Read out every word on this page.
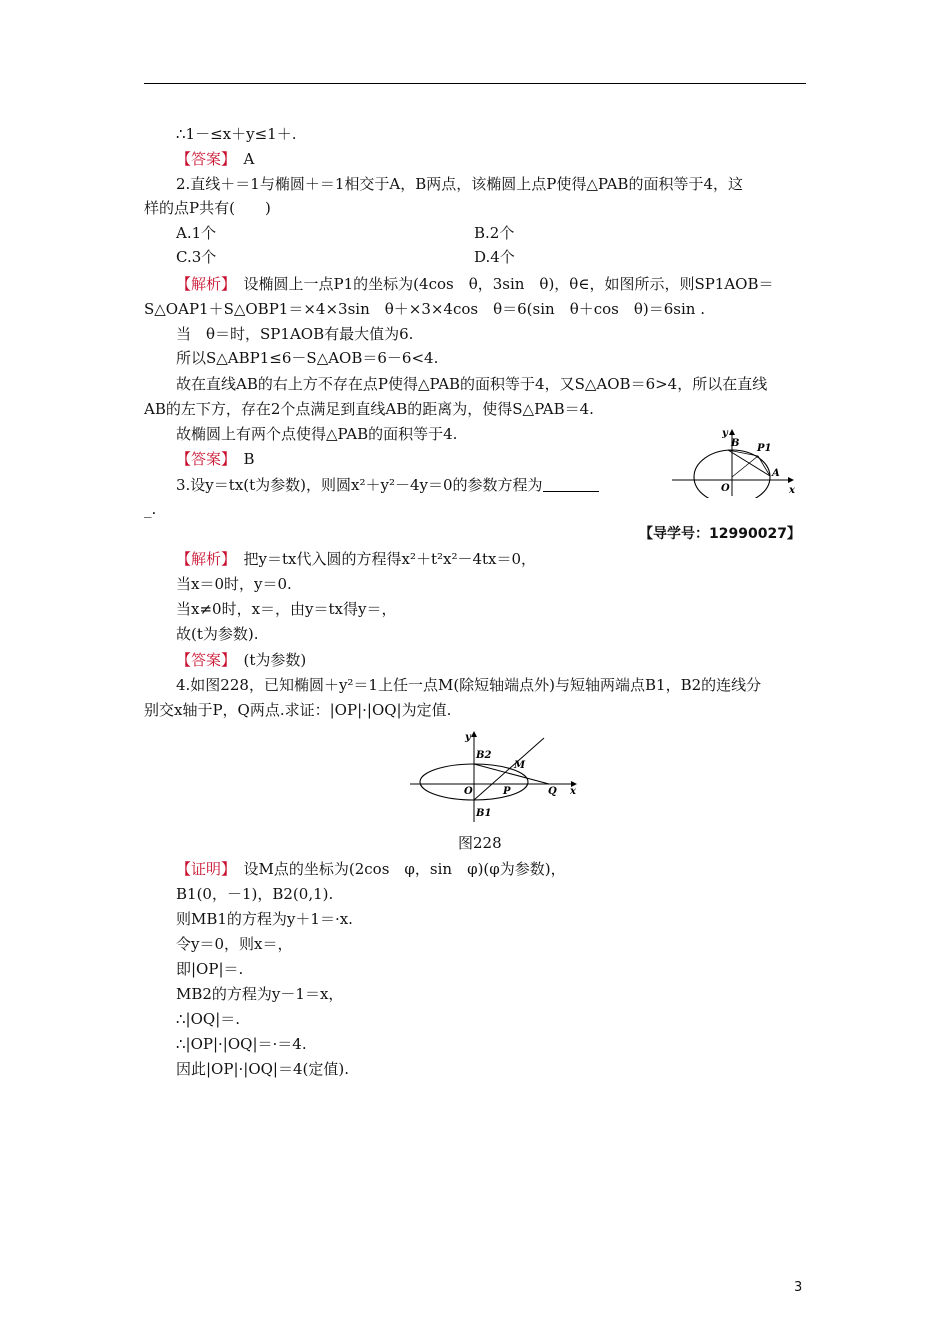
∴1－≤x＋y≤1＋.
【答案】　 A
2.直线＋＝1与椭圆＋＝1相交于A，B两点，该椭圆上点P使得△PAB的面积等于4，这
样的点P共有(　　)
A.1个	B.2个
C.3个	D.4个
【解析】　 设椭圆上一点P1的坐标为(4cos　θ，3sin　θ)，θ∈，如图所示，则SP1AOB＝
S△OAP1＋S△OBP1＝×4×3sin　θ＋×3×4cos　θ＝6(sin　θ＋cos　θ)＝6sin .
当　θ＝时，SP1AOB有最大值为6.
所以S△ABP1≤6－S△AOB＝6－6<4.
故在直线AB的右上方不存在点P使得△PAB的面积等于4，又S△AOB＝6>4，所以在直线
AB的左下方，存在2个点满足到直线AB的距离为，使得S△PAB＝4.
故椭圆上有两个点使得△PAB的面积等于4.
【答案】　 B
y
B P1
A
O	x
3.设y＝tx(t为参数)，则圆x²＋y²－4y＝0的参数方程为
_.
【导学号：12990027】
【解析】　 把y＝tx代入圆的方程得x²＋t²x²－4tx＝0，
当x＝0时，y＝0.
当x≠0时，x＝，由y＝tx得y＝，
故(t为参数).
【答案】　 (t为参数)
4.如图228，已知椭圆＋y²＝1上任一点M(除短轴端点外)与短轴两端点B1，B2的连线分
别交x轴于P，Q两点.求证：|OP|·|OQ|为定值.
y
B2
M
O	P	Q x
B1
图228
【证明】　 设M点的坐标为(2cos　φ，sin　φ)(φ为参数)，
B1(0，－1)，B2(0,1).
则MB1的方程为y＋1＝·x.
令y＝0，则x＝，
即|OP|＝.
MB2的方程为y－1＝x，
∴|OQ|＝.
∴|OP|·|OQ|＝·＝4.
因此|OP|·|OQ|＝4(定值).
3
